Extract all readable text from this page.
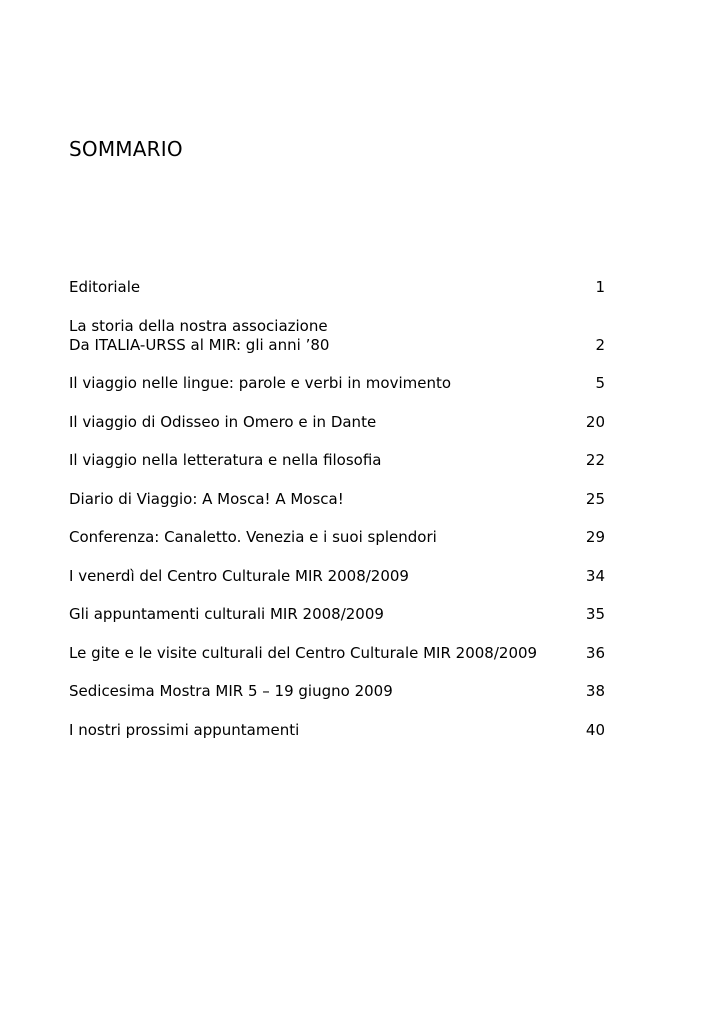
SOMMARIO
Editoriale	1
La storia della nostra associazione
Da ITALIA-URSS al MIR: gli anni ’80	2
Il viaggio nelle lingue: parole e verbi in movimento	5
Il viaggio di Odisseo in Omero e in Dante	20
Il viaggio nella letteratura e nella filosofia	22
Diario di Viaggio: A Mosca! A Mosca!	25
Conferenza: Canaletto. Venezia e i suoi splendori	29
I venerdì del Centro Culturale MIR 2008/2009	34
Gli appuntamenti culturali MIR 2008/2009	35
Le gite e le visite culturali del Centro Culturale MIR 2008/2009	36
Sedicesima Mostra MIR 5 – 19 giugno 2009	38
I nostri prossimi appuntamenti	40
